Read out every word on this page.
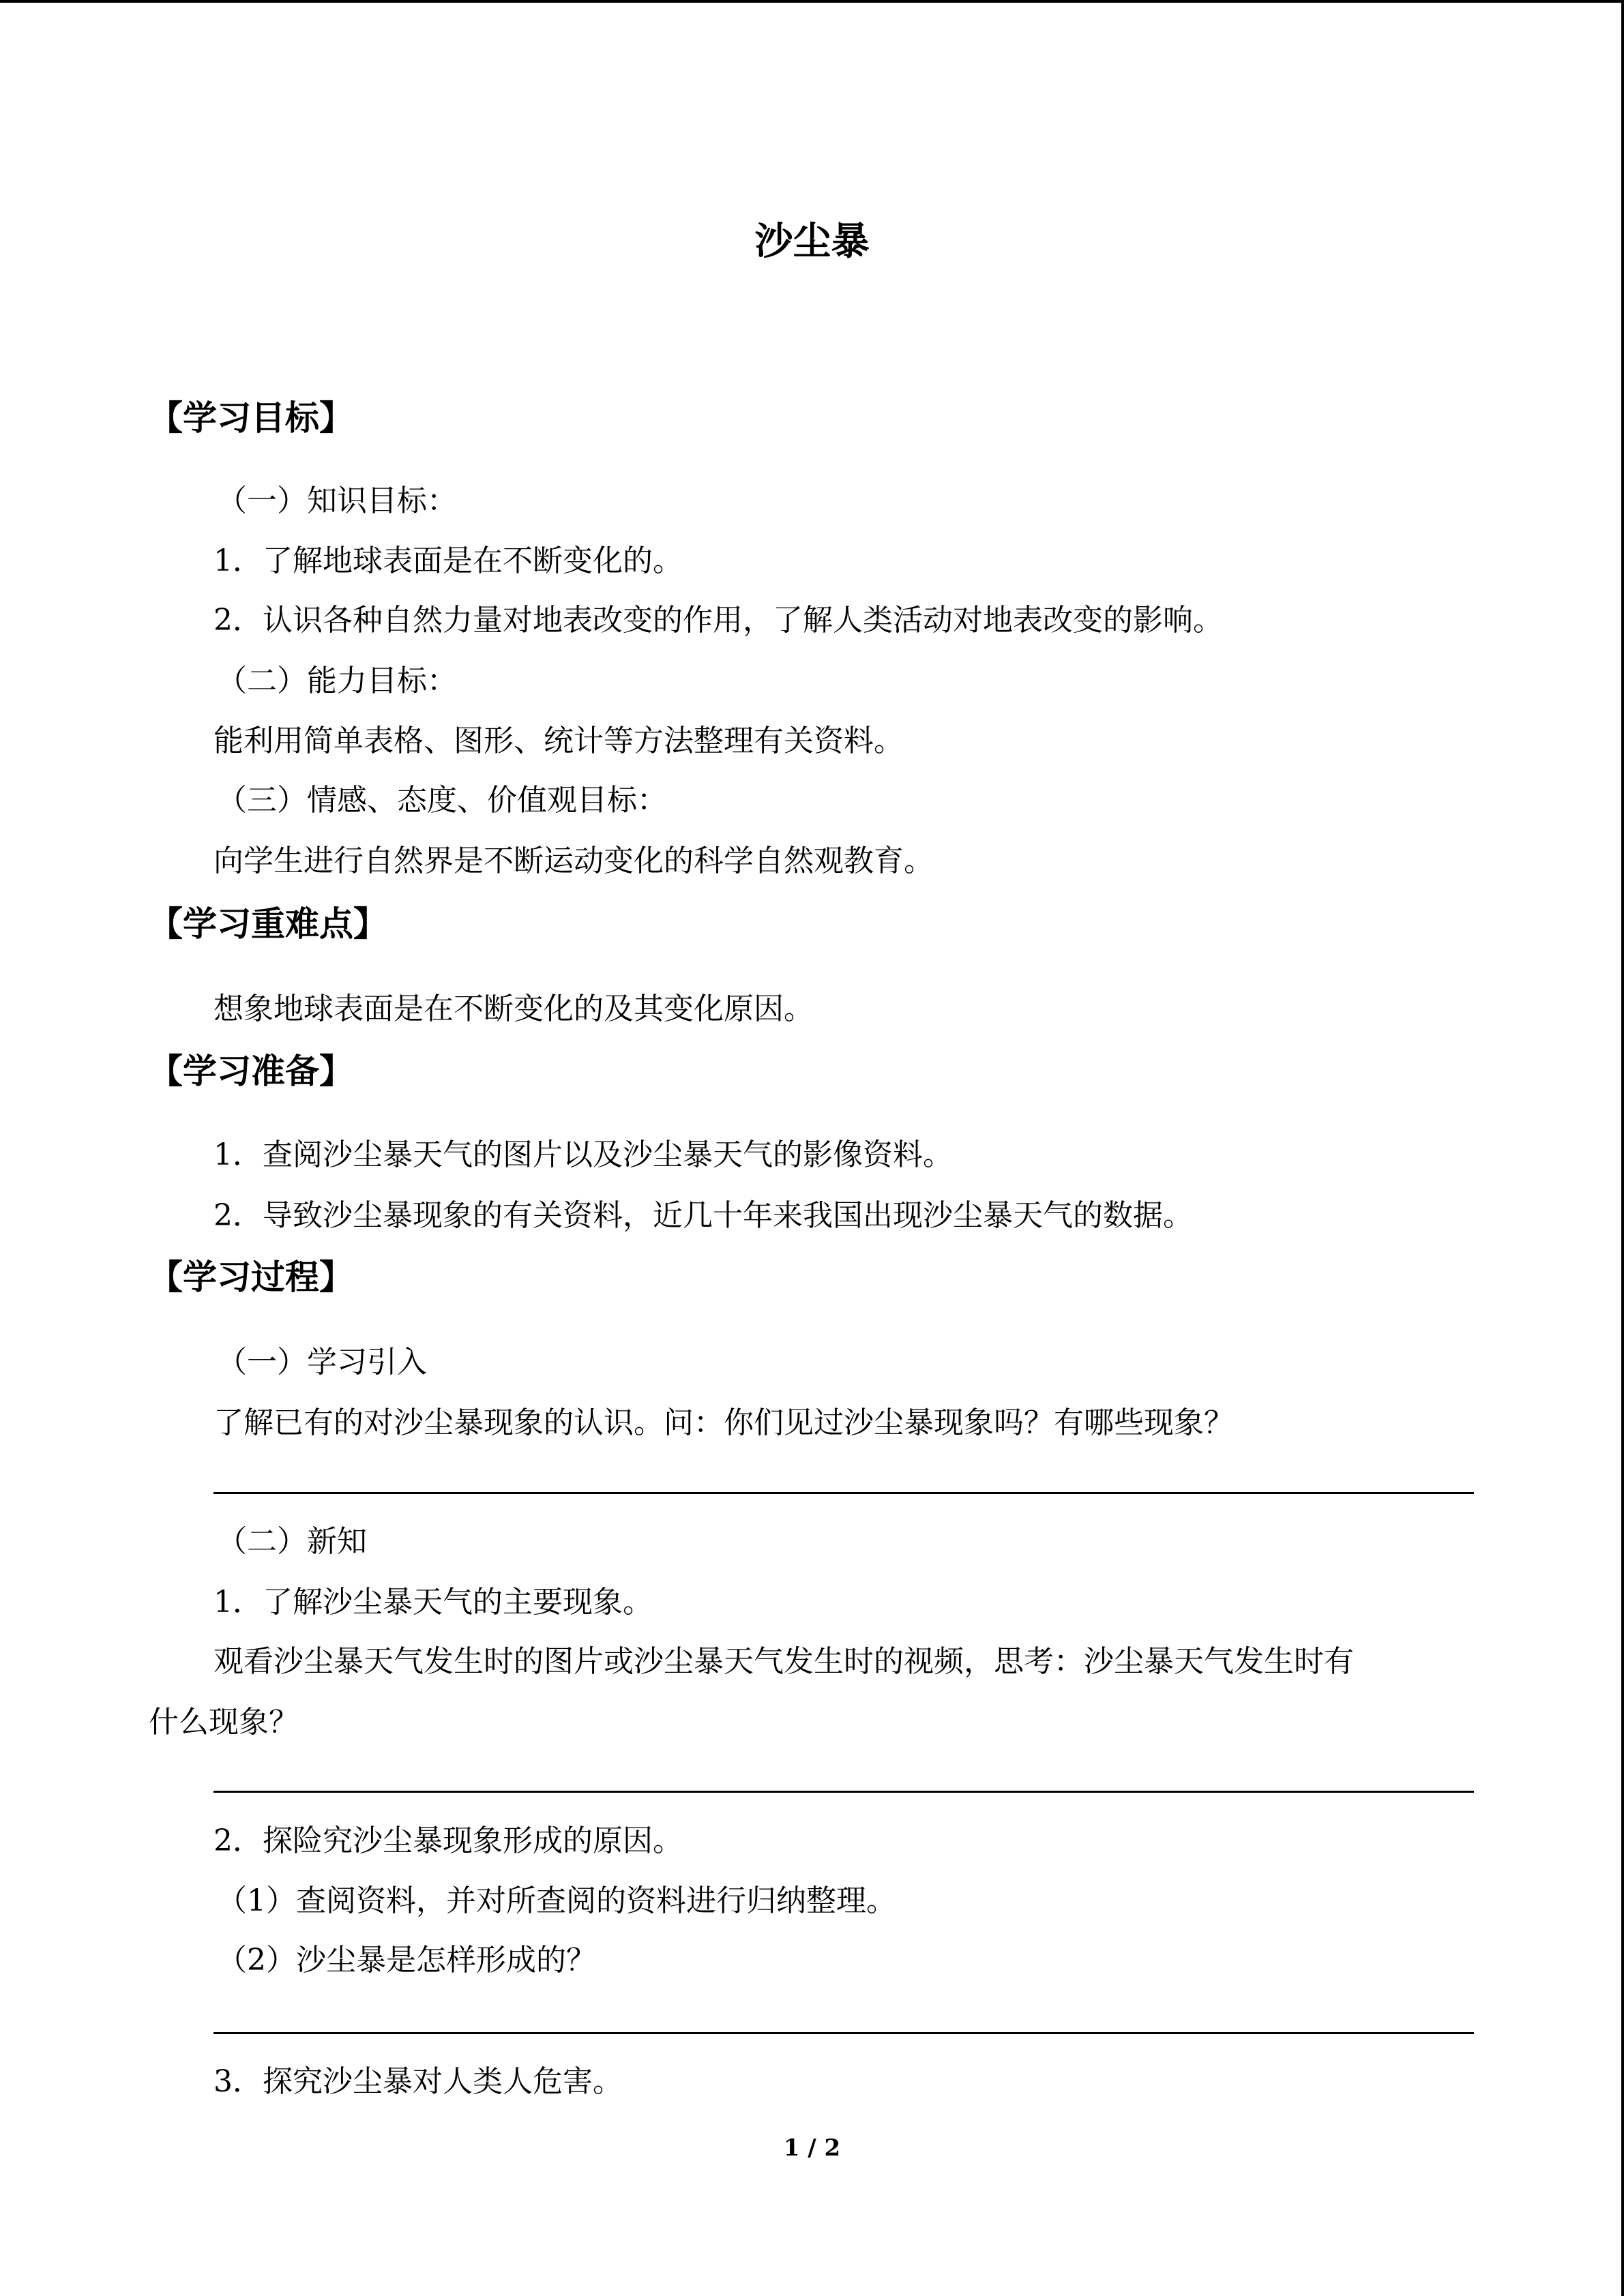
沙尘暴
【学习目标】
（一）知识目标：
1．了解地球表面是在不断变化的。
2．认识各种自然力量对地表改变的作用，了解人类活动对地表改变的影响。
（二）能力目标：
能利用简单表格、图形、统计等方法整理有关资料。
（三）情感、态度、价值观目标：
向学生进行自然界是不断运动变化的科学自然观教育。
【学习重难点】
想象地球表面是在不断变化的及其变化原因。
【学习准备】
1．查阅沙尘暴天气的图片以及沙尘暴天气的影像资料。
2．导致沙尘暴现象的有关资料，近几十年来我国出现沙尘暴天气的数据。
【学习过程】
（一）学习引入
了解已有的对沙尘暴现象的认识。问：你们见过沙尘暴现象吗？有哪些现象？
（二）新知
1．了解沙尘暴天气的主要现象。
观看沙尘暴天气发生时的图片或沙尘暴天气发生时的视频，思考：沙尘暴天气发生时有
什么现象？
2．探险究沙尘暴现象形成的原因。
（1）查阅资料，并对所查阅的资料进行归纳整理。
（2）沙尘暴是怎样形成的？
3．探究沙尘暴对人类人危害。
1 / 2
